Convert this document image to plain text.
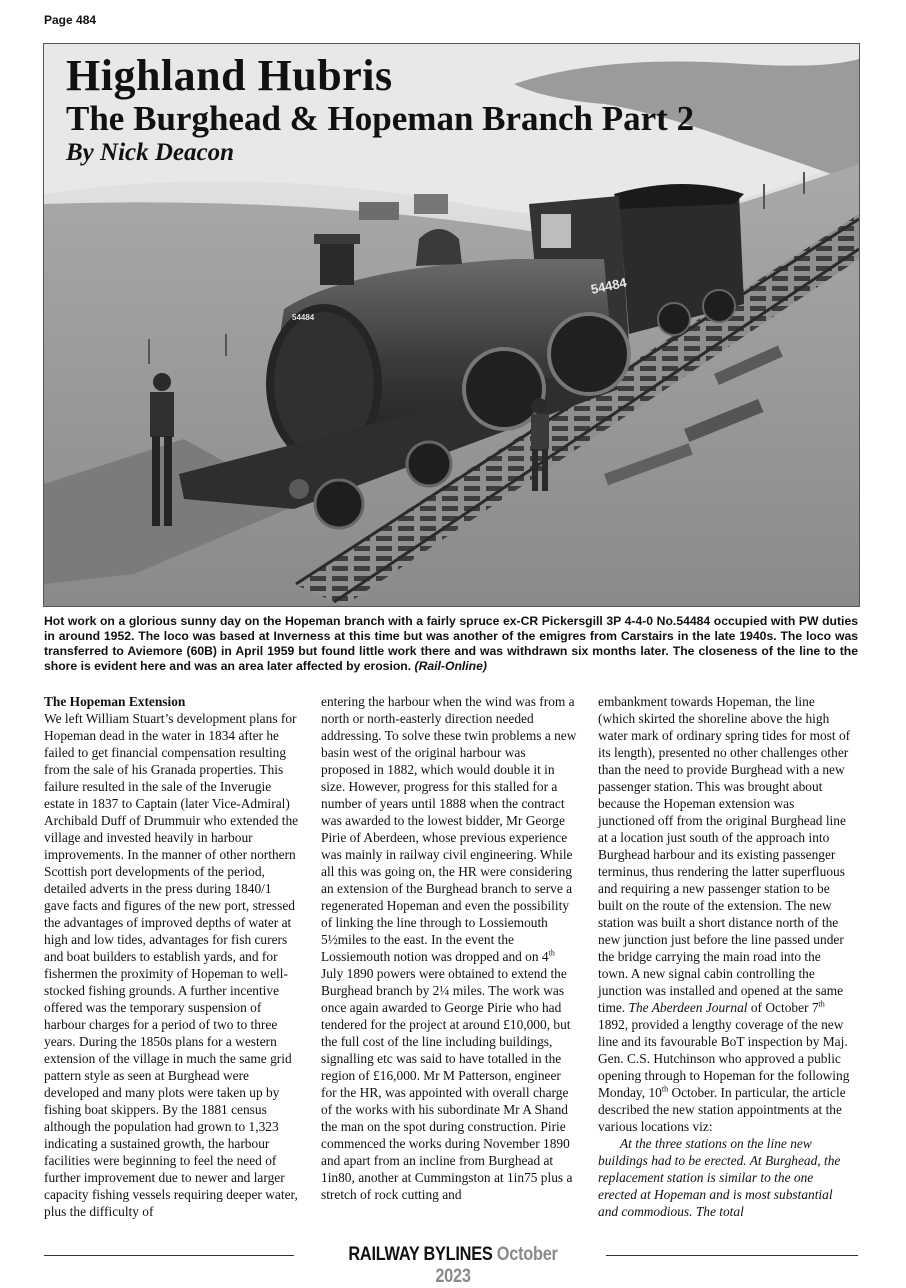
Page 484
54484
54484
Highland Hubris
The Burghead & Hopeman Branch Part 2
By Nick Deacon
Hot work on a glorious sunny day on the Hopeman branch with a fairly spruce ex-CR Pickersgill 3P 4-4-0 No.54484 occupied with PW duties in around 1952. The loco was based at Inverness at this time but was another of the emigres from Carstairs in the late 1940s. The loco was transferred to Aviemore (60B) in April 1959 but found little work there and was withdrawn six months later. The closeness of the line to the shore is evident here and was an area later affected by erosion. (Rail-Online)

The Hopeman Extension

We left William Stuart’s development plans for Hopeman dead in the water in 1834 after he failed to get financial compensation resulting from the sale of his Granada properties. This failure resulted in the sale of the Inverugie estate in 1837 to Captain (later Vice-Admiral) Archibald Duff of Drummuir who extended the village and invested heavily in harbour improvements. In the manner of other northern Scottish port developments of the period, detailed adverts in the press during 1840/1 gave facts and figures of the new port, stressed the advantages of improved depths of water at high and low tides, advantages for fish curers and boat builders to establish yards, and for fishermen the proximity of Hopeman to well-stocked fishing grounds. A further incentive offered was the temporary suspension of harbour charges for a period of two to three years. During the 1850s plans for a western extension of the village in much the same grid pattern style as seen at Burghead were developed and many plots were taken up by fishing boat skippers. By the 1881 census although the population had grown to 1,323 indicating a sustained growth, the harbour facilities were beginning to feel the need of further improvement due to newer and larger capacity fishing vessels requiring deeper water, plus the difficulty of

entering the harbour when the wind was from a north or north-easterly direction needed addressing. To solve these twin problems a new basin west of the original harbour was proposed in 1882, which would double it in size. However, progress for this stalled for a number of years until 1888 when the contract was awarded to the lowest bidder, Mr George Pirie of Aberdeen, whose previous experience was mainly in railway civil engineering. While all this was going on, the HR were considering an extension of the Burghead branch to serve a regenerated Hopeman and even the possibility of linking the line through to Lossiemouth 5½miles to the east. In the event the Lossiemouth notion was dropped and on 4th July 1890 powers were obtained to extend the Burghead branch by 2¼ miles. The work was once again awarded to George Pirie who had tendered for the project at around £10,000, but the full cost of the line including buildings, signalling etc was said to have totalled in the region of £16,000. Mr M Patterson, engineer for the HR, was appointed with overall charge of the works with his subordinate Mr A Shand the man on the spot during construction. Pirie commenced the works during November 1890 and apart from an incline from Burghead at 1in80, another at Cummingston at 1in75 plus a stretch of rock cutting and

embankment towards Hopeman, the line (which skirted the shoreline above the high water mark of ordinary spring tides for most of its length), presented no other challenges other than the need to provide Burghead with a new passenger station. This was brought about because the Hopeman extension was junctioned off from the original Burghead line at a location just south of the approach into Burghead harbour and its existing passenger terminus, thus rendering the latter superfluous and requiring a new passenger station to be built on the route of the extension. The new station was built a short distance north of the new junction just before the line passed under the bridge carrying the main road into the town. A new signal cabin controlling the junction was installed and opened at the same time. The Aberdeen Journal of October 7th 1892, provided a lengthy coverage of the new line and its favourable BoT inspection by Maj. Gen. C.S. Hutchinson who approved a public opening through to Hopeman for the following Monday, 10th October. In particular, the article described the new station appointments at the various locations viz:

At the three stations on the line new buildings had to be erected. At Burghead, the replacement station is similar to the one erected at Hopeman and is most substantial and commodious. The total

RAILWAY BYLINES October 2023
